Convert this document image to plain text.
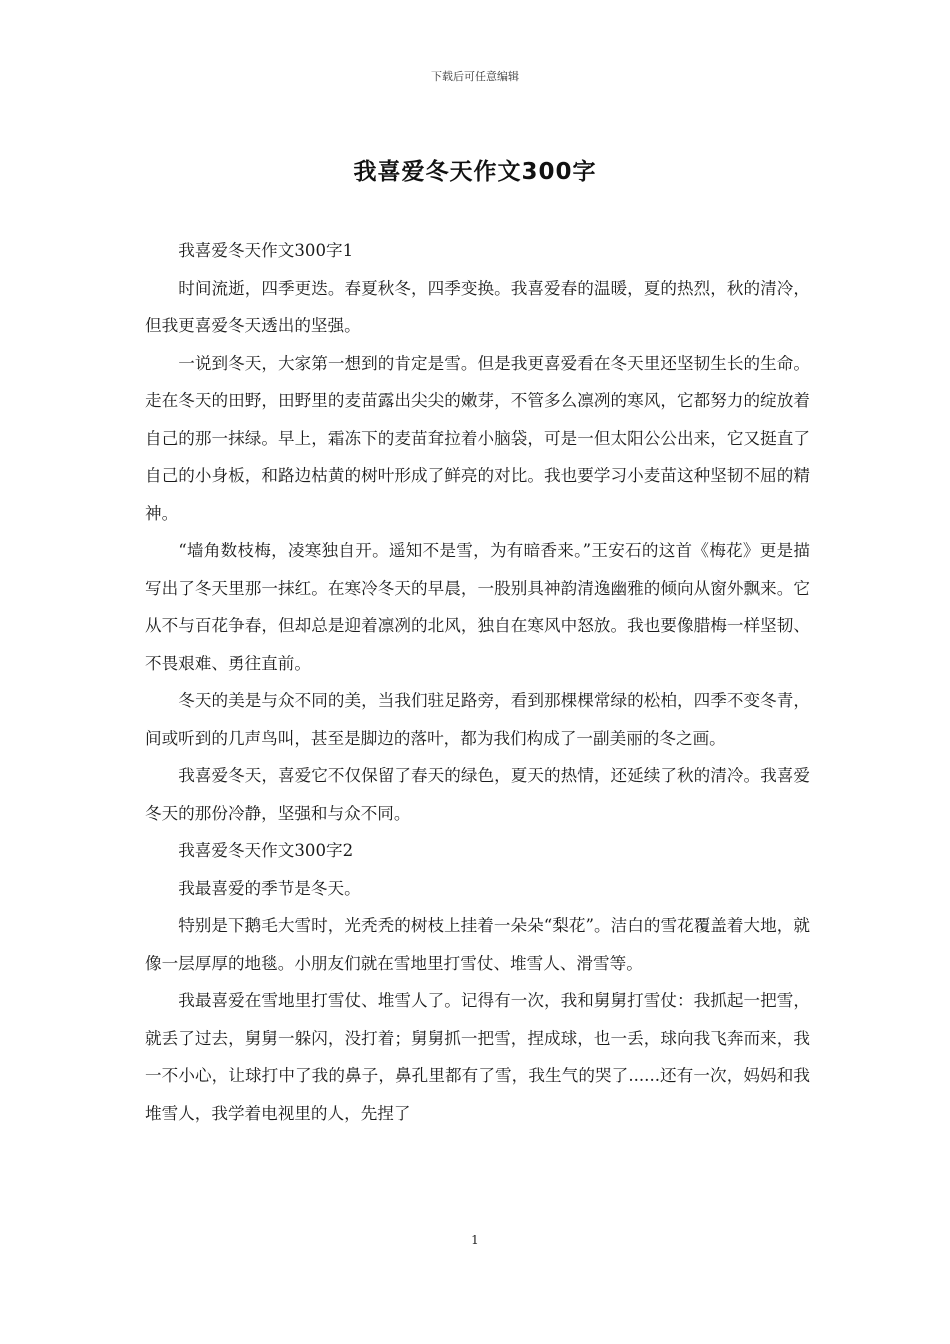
下载后可任意编辑
我喜爱冬天作文300字

我喜爱冬天作文300字1

时间流逝，四季更迭。春夏秋冬，四季变换。我喜爱春的温暖，夏的热烈，秋的清冷，但我更喜爱冬天透出的坚强。

一说到冬天，大家第一想到的肯定是雪。但是我更喜爱看在冬天里还坚韧生长的生命。走在冬天的田野，田野里的麦苗露出尖尖的嫩芽，不管多么凛冽的寒风，它都努力的绽放着自己的那一抹绿。早上，霜冻下的麦苗耷拉着小脑袋，可是一但太阳公公出来，它又挺直了自己的小身板，和路边枯黄的树叶形成了鲜亮的对比。我也要学习小麦苗这种坚韧不屈的精神。

“墙角数枝梅，凌寒独自开。遥知不是雪，为有暗香来。”王安石的这首《梅花》更是描写出了冬天里那一抹红。在寒冷冬天的早晨，一股别具神韵清逸幽雅的倾向从窗外飘来。它从不与百花争春，但却总是迎着凛冽的北风，独自在寒风中怒放。我也要像腊梅一样坚韧、不畏艰难、勇往直前。

冬天的美是与众不同的美，当我们驻足路旁，看到那棵棵常绿的松柏，四季不变冬青，间或听到的几声鸟叫，甚至是脚边的落叶，都为我们构成了一副美丽的冬之画。

我喜爱冬天，喜爱它不仅保留了春天的绿色，夏天的热情，还延续了秋的清冷。我喜爱冬天的那份冷静，坚强和与众不同。

我喜爱冬天作文300字2

我最喜爱的季节是冬天。

特别是下鹅毛大雪时，光秃秃的树枝上挂着一朵朵“梨花”。洁白的雪花覆盖着大地，就像一层厚厚的地毯。小朋友们就在雪地里打雪仗、堆雪人、滑雪等。

我最喜爱在雪地里打雪仗、堆雪人了。记得有一次，我和舅舅打雪仗：我抓起一把雪，就丢了过去，舅舅一躲闪，没打着；舅舅抓一把雪，捏成球，也一丢，球向我飞奔而来，我一不小心，让球打中了我的鼻子，鼻孔里都有了雪，我生气的哭了......还有一次，妈妈和我堆雪人，我学着电视里的人，先捏了

1
